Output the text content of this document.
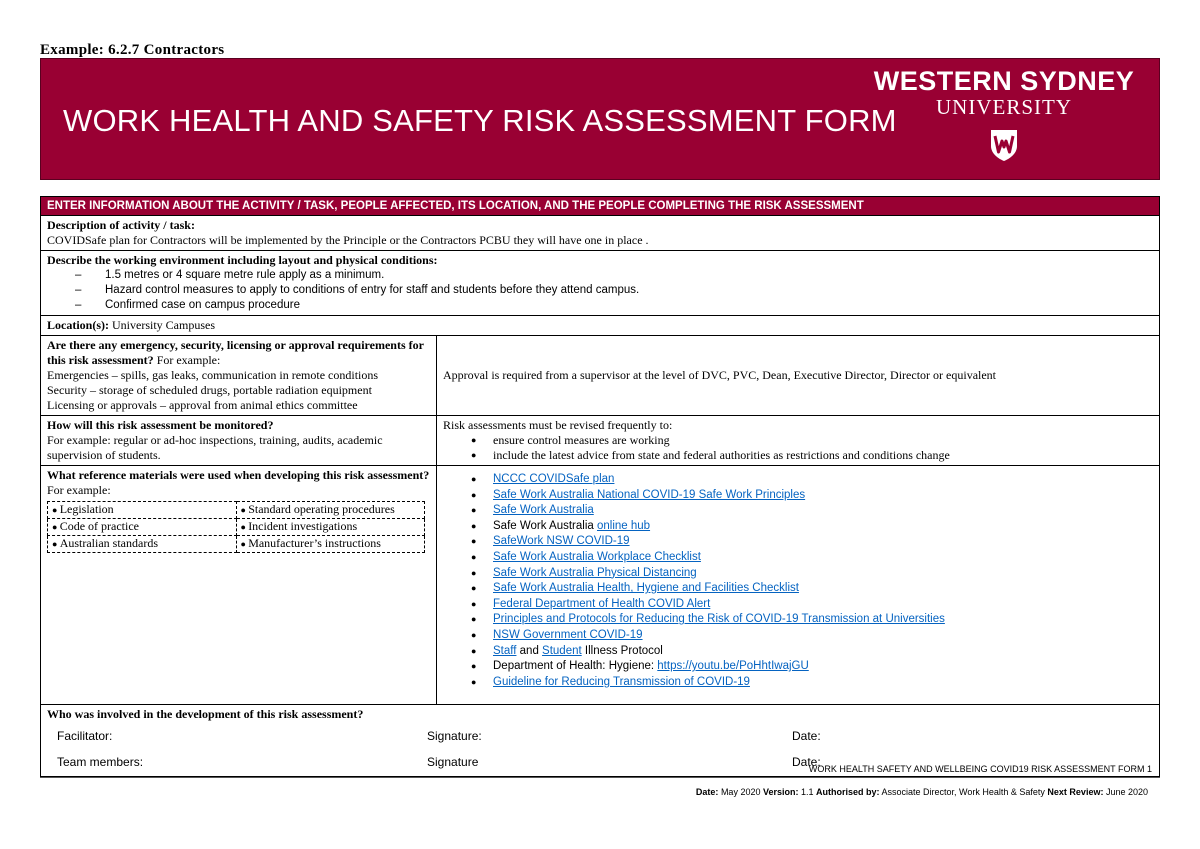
Example: 6.2.7 Contractors
WORK HEALTH AND SAFETY RISK ASSESSMENT FORM
WESTERN SYDNEY
UNIVERSITY
ENTER INFORMATION ABOUT THE ACTIVITY / TASK, PEOPLE AFFECTED, ITS LOCATION, AND THE PEOPLE COMPLETING THE RISK ASSESSMENT
Description of activity / task:
COVIDSafe plan for Contractors will be implemented by the Principle or the Contractors PCBU they will have one in place .
Describe the working environment including layout and physical conditions:
– 1.5 metres or 4 square metre rule apply as a minimum.
– Hazard control measures to apply to conditions of entry for staff and students before they attend campus.
– Confirmed case on campus procedure
Location(s): University Campuses
Are there any emergency, security, licensing or approval requirements for this risk assessment? For example:
Emergencies – spills, gas leaks, communication in remote conditions
Security – storage of scheduled drugs, portable radiation equipment
Licensing or approvals – approval from animal ethics committee
Approval is required from a supervisor at the level of DVC, PVC, Dean, Executive Director, Director or equivalent
How will this risk assessment be monitored?
For example: regular or ad-hoc inspections, training, audits, academic supervision of students.
Risk assessments must be revised frequently to:
● ensure control measures are working
● include the latest advice from state and federal authorities as restrictions and conditions change
What reference materials were used when developing this risk assessment? For example:
● Legislation	● Standard operating procedures
● Code of practice	● Incident investigations
● Australian standards	● Manufacturer’s instructions
● NCCC COVIDSafe plan
● Safe Work Australia National COVID-19 Safe Work Principles
● Safe Work Australia
● Safe Work Australia online hub
● SafeWork NSW COVID-19
● Safe Work Australia Workplace Checklist
● Safe Work Australia Physical Distancing
● Safe Work Australia Health, Hygiene and Facilities Checklist
● Federal Department of Health COVID Alert
● Principles and Protocols for Reducing the Risk of COVID-19 Transmission at Universities
● NSW Government COVID-19
● Staff and Student Illness Protocol
● Department of Health: Hygiene: https://youtu.be/PoHhtIwajGU
● Guideline for Reducing Transmission of COVID-19
Who was involved in the development of this risk assessment?
Facilitator:	Signature:	Date:
Team members:	Signature	Date:
WORK HEALTH SAFETY AND WELLBEING COVID19 RISK ASSESSMENT FORM 1
Date: May 2020 Version: 1.1 Authorised by: Associate Director, Work Health & Safety Next Review: June 2020
